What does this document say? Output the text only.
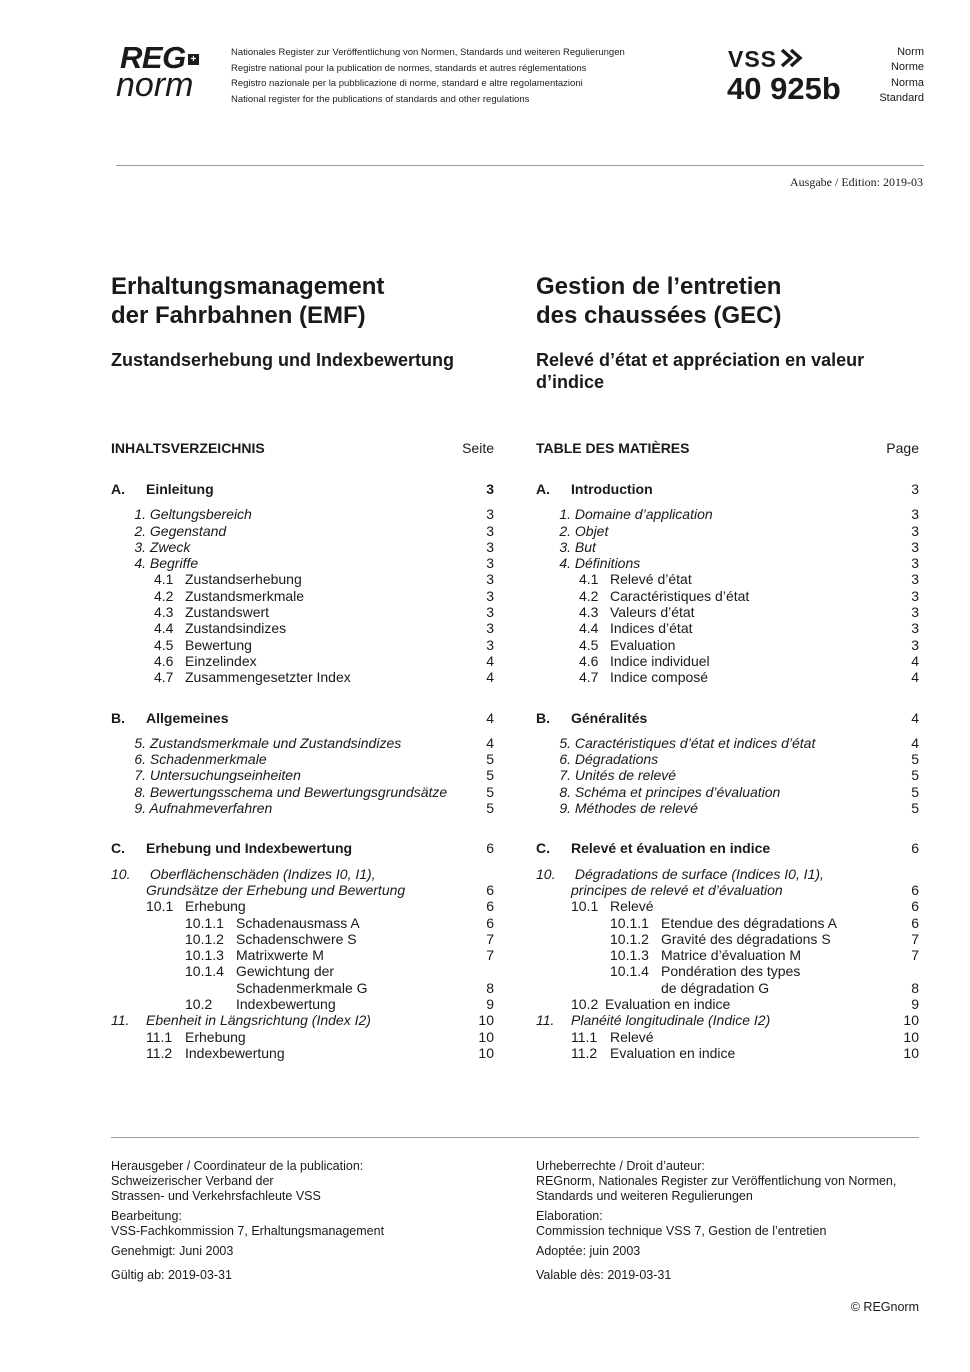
REG +
norm
Nationales Register zur Veröffentlichung von Normen, Standards und weiteren Regulierungen
Registre national pour la publication de normes, standards et autres réglementations
Registro nazionale per la pubblicazione di norme, standard e altre regolamentazioni
National register for the publications of standards and other regulations
VSS
40 925b
Norm
Norme
Norma
Standard
Ausgabe / Edition: 2019-03
Erhaltungsmanagement
der Fahrbahnen (EMF)
Gestion de l’entretien
des chaussées (GEC)
Zustandserhebung und Indexbewertung	Relevé d’état et appréciation en valeur
d’indice
INHALTSVERZEICHNIS	Seite
A. Einleitung	3
1. Geltungsbereich	3
2. Gegenstand	3
3. Zweck	3
4. Begriffe	3
4.1 Zustandserhebung	3
4.2 Zustandsmerkmale	3
4.3 Zustandswert	3
4.4 Zustandsindizes	3
4.5 Bewertung	3
4.6 Einzelindex	4
4.7 Zusammengesetzter Index	4
B. Allgemeines	4
5. Zustandsmerkmale und Zustandsindizes	4
6. Schadenmerkmale	5
7. Untersuchungseinheiten	5
8. Bewertungsschema und Bewertungsgrundsätze	5
9. Aufnahmeverfahren	5
C. Erhebung und Indexbewertung	6
10. Oberflächenschäden (Indizes I0, I1),
Grundsätze der Erhebung und Bewertung	6
10.1 Erhebung	6
10.1.1 Schadenausmass A	6
10.1.2 Schadenschwere S	7
10.1.3 Matrixwerte M	7
10.1.4 Gewichtung der
Schadenmerkmale G	8
10.2 Indexbewertung	9
11. Ebenheit in Längsrichtung (Index I2)	10
11.1 Erhebung	10
11.2 Indexbewertung	10
TABLE DES MATIÈRES	Page
A. Introduction	3
1. Domaine d’application	3
2. Objet	3
3. But	3
4. Définitions	3
4.1 Relevé d’état	3
4.2 Caractéristiques d’état	3
4.3 Valeurs d’état	3
4.4 Indices d’état	3
4.5 Evaluation	3
4.6 Indice individuel	4
4.7 Indice composé	4
B. Généralités	4
5. Caractéristiques d’état et indices d’état	4
6. Dégradations	5
7. Unités de relevé	5
8. Schéma et principes d’évaluation	5
9. Méthodes de relevé	5
C. Relevé et évaluation en indice	6
10. Dégradations de surface (Indices I0, I1),
principes de relevé et d’évaluation	6
10.1 Relevé	6
10.1.1 Etendue des dégradations A	6
10.1.2 Gravité des dégradations S	7
10.1.3 Matrice d’évaluation M	7
10.1.4 Pondération des types
de dégradation G	8
10.2 Evaluation en indice	9
11. Planéité longitudinale (Indice I2)	10
11.1 Relevé	10
11.2 Evaluation en indice	10
Herausgeber / Coordinateur de la publication:
Schweizerischer Verband der
Strassen- und Verkehrsfachleute VSS
Bearbeitung:
VSS-Fachkommission 7, Erhaltungsmanagement
Genehmigt: Juni 2003
Gültig ab: 2019-03-31
Urheberrechte / Droit d’auteur:
REGnorm, Nationales Register zur Veröffentlichung von Normen,
Standards und weiteren Regulierungen
Elaboration:
Commission technique VSS 7, Gestion de l’entretien
Adoptée: juin 2003
Valable dès: 2019-03-31
© REGnorm
